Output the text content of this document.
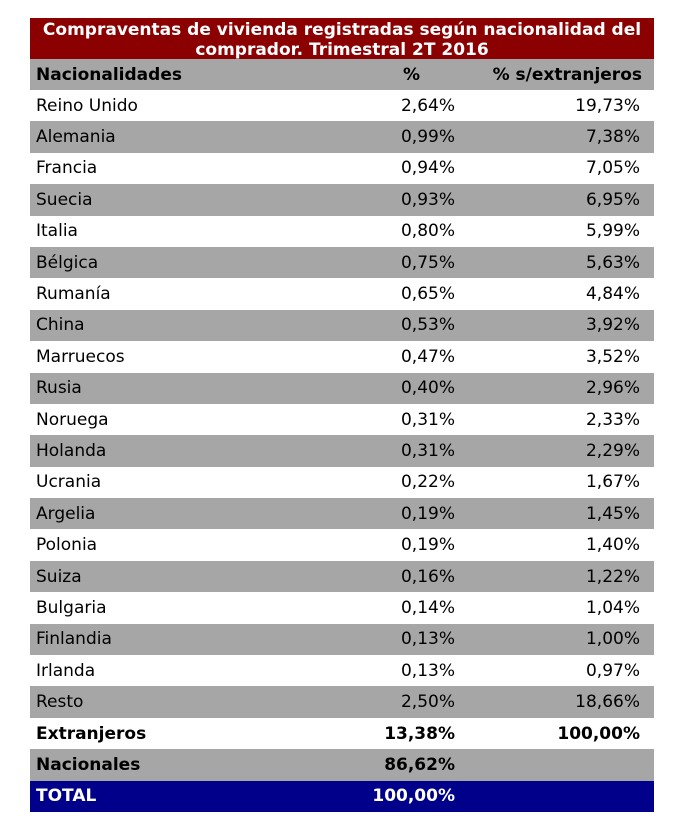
Compraventas de vivienda registradas según nacionalidad del
comprador. Trimestral 2T 2016
Nacionalidades	%	% s/extranjeros
Reino Unido	2,64%	19,73%
Alemania	0,99%	7,38%
Francia	0,94%	7,05%
Suecia	0,93%	6,95%
Italia	0,80%	5,99%
Bélgica	0,75%	5,63%
Rumanía	0,65%	4,84%
China	0,53%	3,92%
Marruecos	0,47%	3,52%
Rusia	0,40%	2,96%
Noruega	0,31%	2,33%
Holanda	0,31%	2,29%
Ucrania	0,22%	1,67%
Argelia	0,19%	1,45%
Polonia	0,19%	1,40%
Suiza	0,16%	1,22%
Bulgaria	0,14%	1,04%
Finlandia	0,13%	1,00%
Irlanda	0,13%	0,97%
Resto	2,50%	18,66%
Extranjeros	13,38%	100,00%
Nacionales	86,62%
TOTAL	100,00%
